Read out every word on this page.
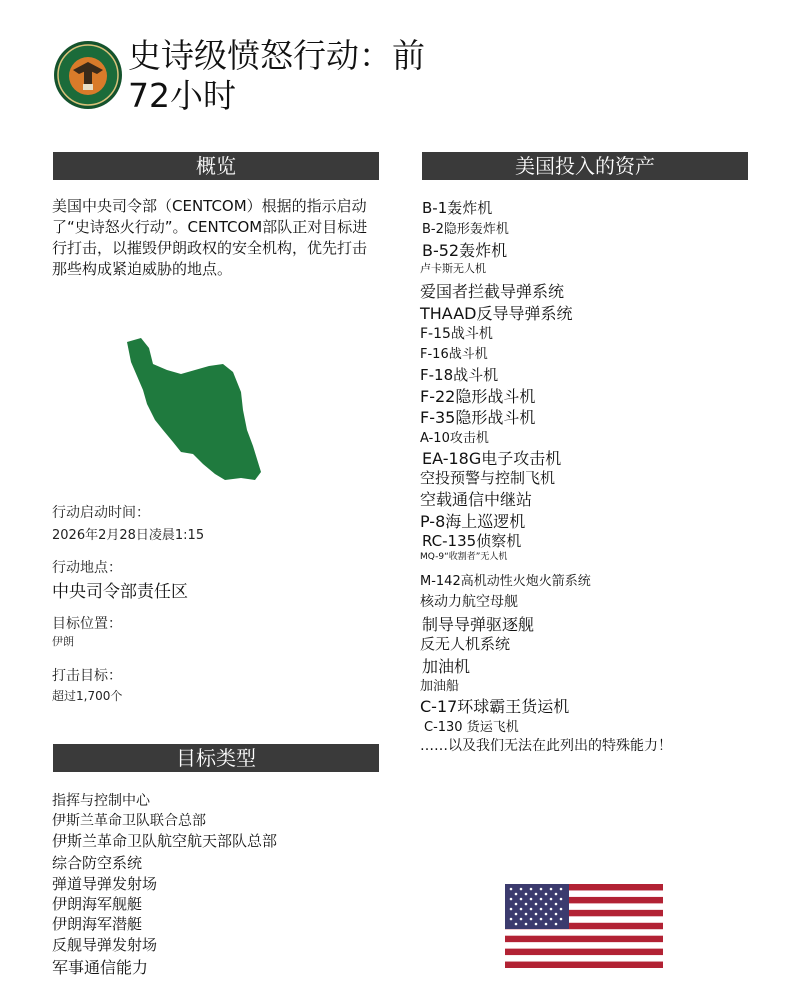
史诗级愤怒行动：前
72小时
概览
美国中央司令部（CENTCOM）根据的指示启动了“史诗怒火行动”。CENTCOM部队正对目标进行打击，以摧毁伊朗政权的安全机构，优先打击那些构成紧迫威胁的地点。
行动启动时间：
2026年2月28日凌晨1:15
行动地点：
中央司令部责任区
目标位置：
伊朗
打击目标：
超过1,700个
目标类型
指挥与控制中心
伊斯兰革命卫队联合总部
伊斯兰革命卫队航空航天部队总部
综合防空系统
弹道导弹发射场
伊朗海军舰艇
伊朗海军潜艇
反舰导弹发射场
军事通信能力
美国投入的资产
B-1轰炸机
B-2隐形轰炸机
B-52轰炸机
卢卡斯无人机
爱国者拦截导弹系统
THAAD反导导弹系统
F-15战斗机
F-16战斗机
F-18战斗机
F-22隐形战斗机
F-35隐形战斗机
A-10攻击机
EA-18G电子攻击机
空投预警与控制飞机
空载通信中继站
P-8海上巡逻机
RC-135侦察机
MQ-9“收割者”无人机
M-142高机动性火炮火箭系统
核动力航空母舰
制导导弹驱逐舰
反无人机系统
加油机
加油船
C-17环球霸王货运机
C-130 货运飞机
……以及我们无法在此列出的特殊能力！
